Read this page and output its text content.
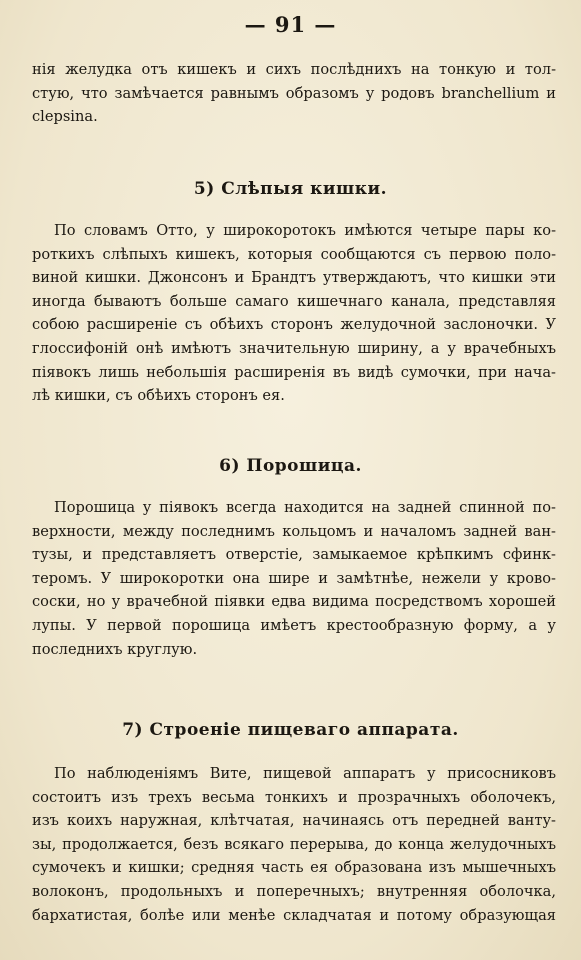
— 91 —
нія желудка отъ кишекъ и сихъ послѣднихъ на тонкую и тол-
стую, что замѣчается равнымъ образомъ у родовъ branchellium и
clepsina.
5) Слѣпыя кишки.
По словамъ Отто, у широкоротокъ имѣются четыре пары ко-
роткихъ слѣпыхъ кишекъ, которыя сообщаются съ первою поло-
виной кишки. Джонсонъ и Брандтъ утверждаютъ, что кишки эти
иногда бываютъ больше самаго кишечнаго канала, представляя
собою расширеніе съ обѣихъ сторонъ желудочной заслоночки. У
глоссифоній онѣ имѣютъ значительную ширину, а у врачебныхъ
піявокъ лишь небольшія расширенія въ видѣ сумочки, при нача-
лѣ кишки, съ обѣихъ сторонъ ея.
6) Порошица.
Порошица у піявокъ всегда находится на задней спинной по-
верхности, между последнимъ кольцомъ и началомъ задней ван-
тузы, и представляетъ отверстіе, замыкаемое крѣпкимъ сфинк-
теромъ. У широкоротки она шире и замѣтнѣе, нежели у крово-
соски, но у врачебной піявки едва видима посредствомъ хорошей
лупы. У первой порошица имѣетъ крестообразную форму, а у
последнихъ круглую.
7) Строеніе пищеваго аппарата.
По наблюденіямъ Вите, пищевой аппаратъ у присосниковъ
состоитъ изъ трехъ весьма тонкихъ и прозрачныхъ оболочекъ,
изъ коихъ наружная, клѣтчатая, начинаясь отъ передней ванту-
зы, продолжается, безъ всякаго перерыва, до конца желудочныхъ
сумочекъ и кишки; средняя часть ея образована изъ мышечныхъ
волоконъ, продольныхъ и поперечныхъ; внутренняя оболочка,
бархатистая, болѣе или менѣе складчатая и потому образующая
